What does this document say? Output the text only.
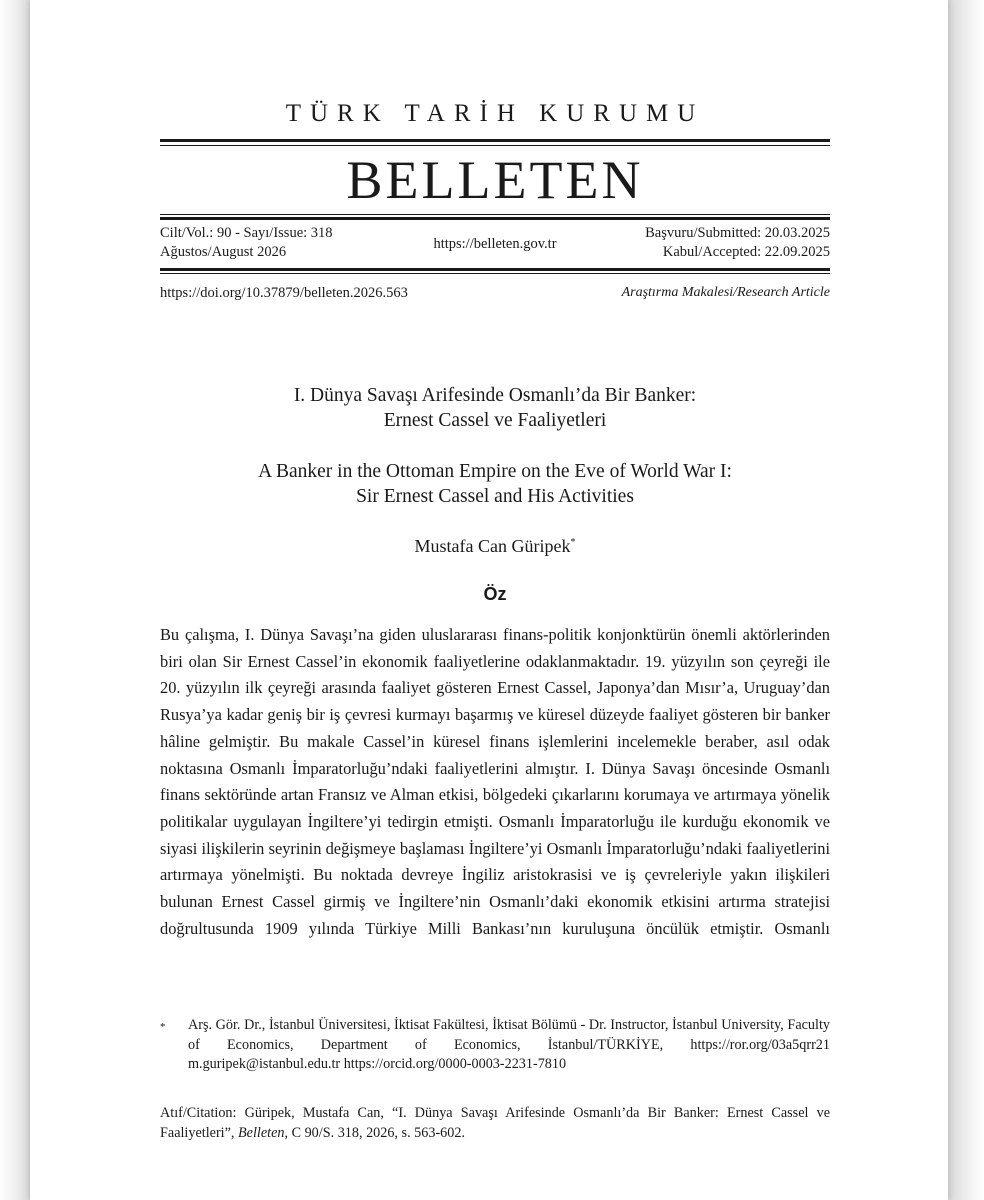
TÜRK TARİH KURUMU
BELLETEN
Cilt/Vol.: 90 - Sayı/Issue: 318
Ağustos/August 2026	https://belleten.gov.tr
Başvuru/Submitted: 20.03.2025
Kabul/Accepted: 22.09.2025
https://doi.org/10.37879/belleten.2026.563	Araştırma Makalesi/Research Article
I. Dünya Savaşı Arifesinde Osmanlı’da Bir Banker:
Ernest Cassel ve Faaliyetleri
A Banker in the Ottoman Empire on the Eve of World War I:
Sir Ernest Cassel and His Activities
Mustafa Can Güripek*
Öz
Bu çalışma, I. Dünya Savaşı’na giden uluslararası finans-politik konjonktürün önemli aktörlerinden biri olan Sir Ernest Cassel’in ekonomik faaliyetlerine odaklanmaktadır. 19. yüzyılın son çeyreği ile 20. yüzyılın ilk çeyreği arasında faaliyet gösteren Ernest Cassel, Japonya’dan Mısır’a, Uruguay’dan Rusya’ya kadar geniş bir iş çevresi kurmayı başarmış ve küresel düzeyde faaliyet gösteren bir banker hâline gelmiştir. Bu makale Cassel’in küresel finans işlemlerini incelemekle beraber, asıl odak noktasına Osmanlı İmparatorluğu’ndaki faaliyetlerini almıştır. I. Dünya Savaşı öncesinde Osmanlı finans sektöründe artan Fransız ve Alman etkisi, bölgedeki çıkarlarını korumaya ve artırmaya yönelik politikalar uygulayan İngiltere’yi tedirgin etmişti. Osmanlı İmparatorluğu ile kurduğu ekonomik ve siyasi ilişkilerin seyrinin değişmeye başlaması İngiltere’yi Osmanlı İmparatorluğu’ndaki faaliyetlerini artırmaya yönelmişti. Bu noktada devreye İngiliz aristokrasisi ve iş çevreleriyle yakın ilişkileri bulunan Ernest Cassel girmiş ve İngiltere’nin Osmanlı’daki ekonomik etkisini artırma stratejisi doğrultusunda 1909 yılında Türkiye Milli Bankası’nın kuruluşuna öncülük etmiştir. Osmanlı
*	Arş. Gör. Dr., İstanbul Üniversitesi, İktisat Fakültesi, İktisat Bölümü - Dr. Instructor, İstanbul University, Faculty of Economics, Department of Economics, İstanbul/TÜRKİYE, https://ror.org/03a5qrr21 m.guripek@istanbul.edu.tr https://orcid.org/0000-0003-2231-7810
Atıf/Citation: Güripek, Mustafa Can, “I. Dünya Savaşı Arifesinde Osmanlı’da Bir Banker: Ernest Cassel ve Faaliyetleri”, Belleten, C 90/S. 318, 2026, s. 563-602.
